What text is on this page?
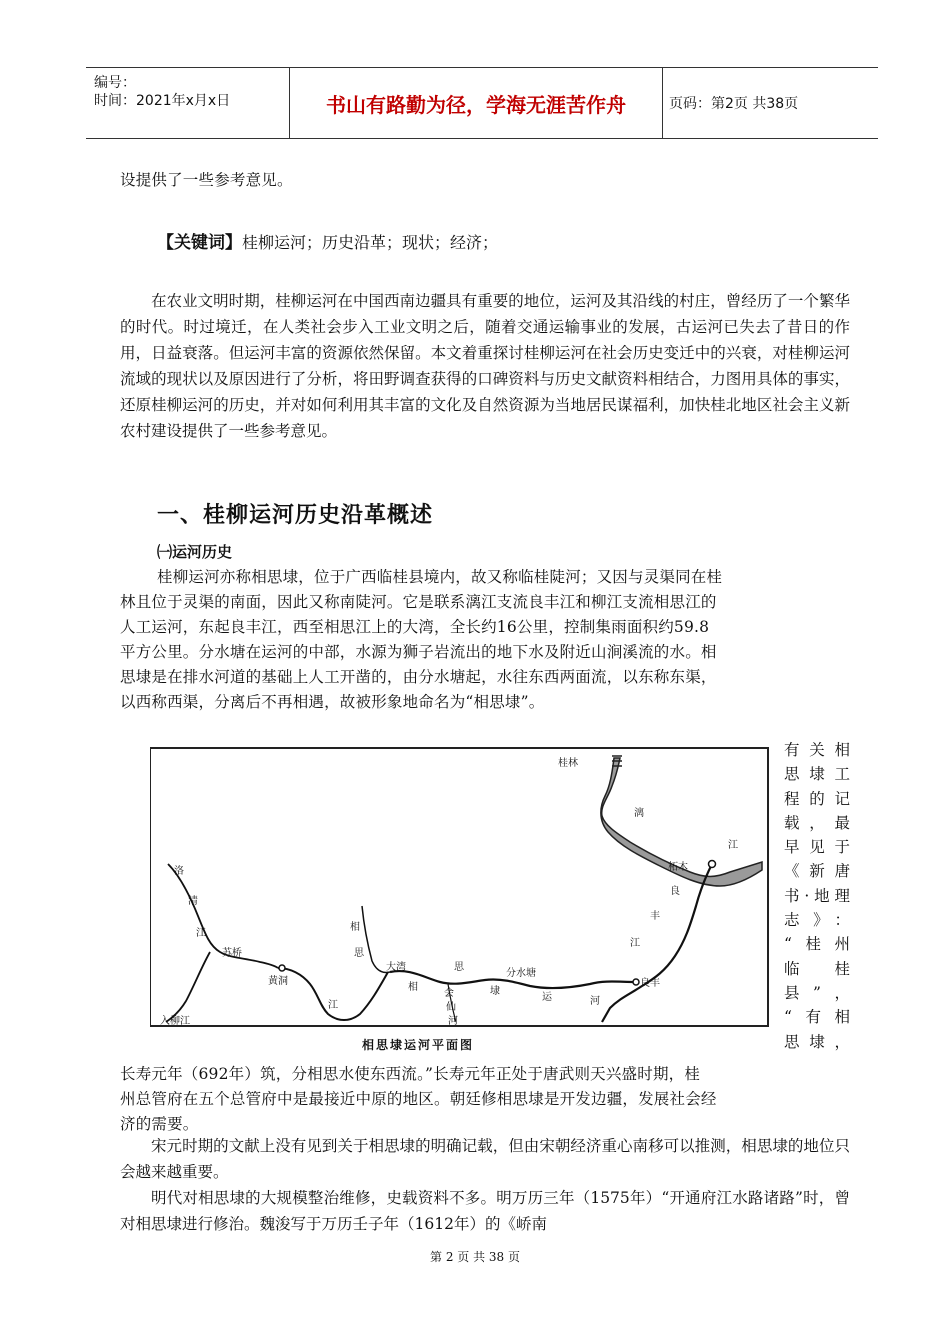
编号：
时间：2021年x月x日	书山有路勤为径，学海无涯苦作舟	页码：第2页 共38页
设提供了一些参考意见。
【关键词】桂柳运河；历史沿革；现状；经济；

在农业文明时期，桂柳运河在中国西南边疆具有重要的地位，运河及其沿线的村庄，曾经历了一个繁华的时代。时过境迁，在人类社会步入工业文明之后，随着交通运输事业的发展，古运河已失去了昔日的作用，日益衰落。但运河丰富的资源依然保留。本文着重探讨桂柳运河在社会历史变迁中的兴衰，对桂柳运河流域的现状以及原因进行了分析，将田野调查获得的口碑资料与历史文献资料相结合，力图用具体的事实，还原桂柳运河的历史，并对如何利用其丰富的文化及自然资源为当地居民谋福利，加快桂北地区社会主义新农村建设提供了一些参考意见。

一、桂柳运河历史沿革概述
㈠运河历史
桂柳运河亦称相思埭，位于广西临桂县境内，故又称临桂陡河；又因与灵渠同在桂
林且位于灵渠的南面，因此又称南陡河。它是联系漓江支流良丰江和柳江支流相思江的
人工运河，东起良丰江，西至相思江上的大湾，全长约16公里，控制集雨面积约59.8
平方公里。分水塘在运河的中部，水源为狮子岩流出的地下水及附近山涧溪流的水。相
思埭是在排水河道的基础上人工开凿的，由分水塘起，水往东西两面流，以东称东渠，
以西称西渠，分离后不再相遇，故被形象地命名为“相思埭”。
桂林
漓
江
柘木
良
丰
江
良丰
洛
清
江
苏桥
黄洞
相
思
江
大湾
相
思
埭
会
仙
河
分水塘
运	河
入柳江
相思埭运河平面图
有关相
思埭工
程的记
载，最
早见于
《新唐
书·地理
志》：
“桂州
临　桂
县”，
“有相
思埭，
长寿元年（692年）筑，分相思水使东西流。”长寿元年正处于唐武则天兴盛时期，桂
州总管府在五个总管府中是最接近中原的地区。朝廷修相思埭是开发边疆，发展社会经
济的需要。

宋元时期的文献上没有见到关于相思埭的明确记载，但由宋朝经济重心南移可以推测，相思埭的地位只会越来越重要。

明代对相思埭的大规模整治维修，史载资料不多。明万历三年（1575年）“开通府江水路诸路”时，曾对相思埭进行修治。魏浚写于万历壬子年（1612年）的《峤南

第 2 页 共 38 页
